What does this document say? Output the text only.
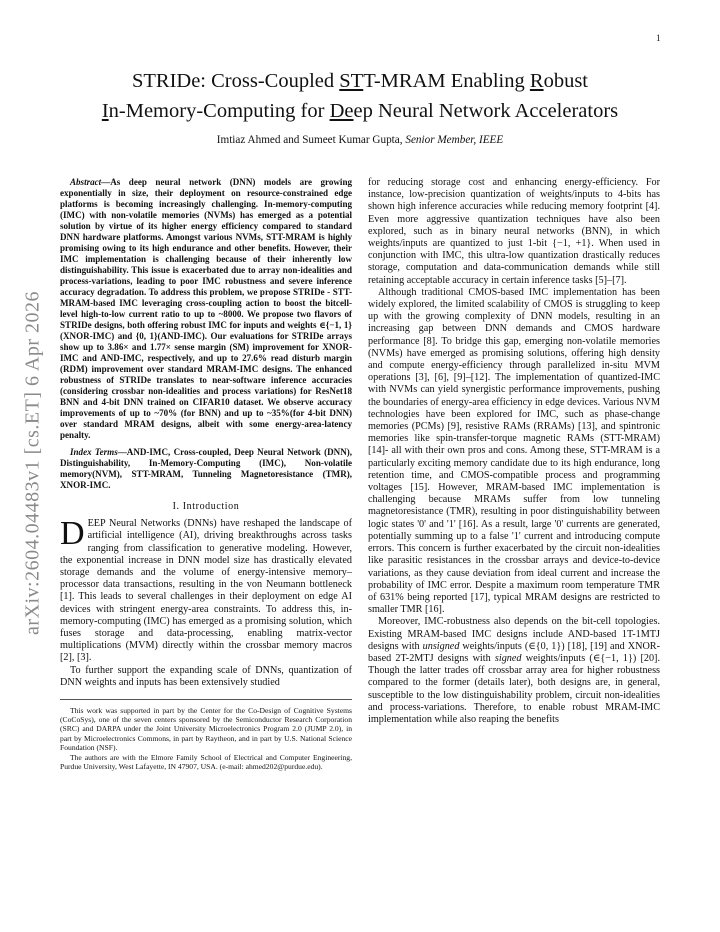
1
arXiv:2604.04483v1 [cs.ET] 6 Apr 2026
STRIDe: Cross-Coupled STT-MRAM Enabling Robust
In-Memory-Computing for Deep Neural Network Accelerators
Imtiaz Ahmed and Sumeet Kumar Gupta, Senior Member, IEEE

Abstract—As deep neural network (DNN) models are growing exponentially in size, their deployment on resource-constrained edge platforms is becoming increasingly challenging. In-memory-computing (IMC) with non-volatile memories (NVMs) has emerged as a potential solution by virtue of its higher energy efficiency compared to standard DNN hardware platforms. Amongst various NVMs, STT-MRAM is highly promising owing to its high endurance and other benefits. However, their IMC implementation is challenging because of their inherently low distinguishability. This issue is exacerbated due to array non-idealities and process-variations, leading to poor IMC robustness and severe inference accuracy degradation. To address this problem, we propose STRIDe - STT-MRAM-based IMC leveraging cross-coupling action to boost the bitcell-level high-to-low current ratio to up to ~8000. We propose two flavors of STRIDe designs, both offering robust IMC for inputs and weights ∈{−1, 1}(XNOR-IMC) and {0, 1}(AND-IMC). Our evaluations for STRIDe arrays show up to 3.86× and 1.77× sense margin (SM) improvement for XNOR-IMC and AND-IMC, respectively, and up to 27.6% read disturb margin (RDM) improvement over standard MRAM-IMC designs. The enhanced robustness of STRIDe translates to near-software inference accuracies (considering crossbar non-idealities and process variations) for ResNet18 BNN and 4-bit DNN trained on CIFAR10 dataset. We observe accuracy improvements of up to ~70% (for BNN) and up to ~35%(for 4-bit DNN) over standard MRAM designs, albeit with some energy-area-latency penalty.

Index Terms—AND-IMC, Cross-coupled, Deep Neural Network (DNN), Distinguishability, In-Memory-Computing (IMC), Non-volatile memory(NVM), STT-MRAM, Tunneling Magnetoresistance (TMR), XNOR-IMC.

I. Introduction

DEEP Neural Networks (DNNs) have reshaped the landscape of artificial intelligence (AI), driving breakthroughs across tasks ranging from classification to generative modeling. However, the exponential increase in DNN model size has drastically elevated storage demands and the volume of energy-intensive memory–processor data transactions, resulting in the von Neumann bottleneck [1]. This leads to several challenges in their deployment on edge AI devices with stringent energy-area constraints. To address this, in-memory-computing (IMC) has emerged as a promising solution, which fuses storage and data-processing, enabling matrix-vector multiplications (MVM) directly within the crossbar memory macros [2], [3].

To further support the expanding scale of DNNs, quantization of DNN weights and inputs has been extensively studied

This work was supported in part by the Center for the Co-Design of Cognitive Systems (CoCoSys), one of the seven centers sponsored by the Semiconductor Research Corporation (SRC) and DARPA under the Joint University Microelectronics Program 2.0 (JUMP 2.0), in part by Microelectronics Commons, in part by Raytheon, and in part by U.S. National Science Foundation (NSF).

The authors are with the Elmore Family School of Electrical and Computer Engineering, Purdue University, West Lafayette, IN 47907, USA. (e-mail: ahmed202@purdue.edu).

for reducing storage cost and enhancing energy-efficiency. For instance, low-precision quantization of weights/inputs to 4-bits has shown high inference accuracies while reducing memory footprint [4]. Even more aggressive quantization techniques have also been explored, such as in binary neural networks (BNN), in which weights/inputs are quantized to just 1-bit {−1, +1}. When used in conjunction with IMC, this ultra-low quantization drastically reduces storage, computation and data-communication demands while still retaining acceptable accuracy in certain inference tasks [5]–[7].

Although traditional CMOS-based IMC implementation has been widely explored, the limited scalability of CMOS is struggling to keep up with the growing complexity of DNN models, resulting in an increasing gap between DNN demands and CMOS hardware performance [8]. To bridge this gap, emerging non-volatile memories (NVMs) have emerged as promising solutions, offering high density and compute energy-efficiency through parallelized in-situ MVM operations [3], [6], [9]–[12]. The implementation of quantized-IMC with NVMs can yield synergistic performance improvements, pushing the boundaries of energy-area efficiency in edge devices. Various NVM technologies have been explored for IMC, such as phase-change memories (PCMs) [9], resistive RAMs (RRAMs) [13], and spintronic memories like spin-transfer-torque magnetic RAMs (STT-MRAM) [14]- all with their own pros and cons. Among these, STT-MRAM is a particularly exciting memory candidate due to its high endurance, long retention time, and CMOS-compatible process and programming voltages [15]. However, MRAM-based IMC implementation is challenging because MRAMs suffer from low tunneling magnetoresistance (TMR), resulting in poor distinguishability between logic states '0' and '1' [16]. As a result, large '0' currents are generated, potentially summing up to a false '1' current and introducing compute errors. This concern is further exacerbated by the circuit non-idealities like parasitic resistances in the crossbar arrays and device-to-device variations, as they cause deviation from ideal current and increase the probability of IMC error. Despite a maximum room temperature TMR of 631% being reported [17], typical MRAM designs are restricted to smaller TMR [16].

Moreover, IMC-robustness also depends on the bit-cell topologies. Existing MRAM-based IMC designs include AND-based 1T-1MTJ designs with unsigned weights/inputs (∈{0, 1}) [18], [19] and XNOR-based 2T-2MTJ designs with signed weights/inputs (∈{−1, 1}) [20]. Though the latter trades off crossbar array area for higher robustness compared to the former (details later), both designs are, in general, susceptible to the low distinguishability problem, circuit non-idealities and process-variations. Therefore, to enable robust MRAM-IMC implementation while also reaping the benefits
